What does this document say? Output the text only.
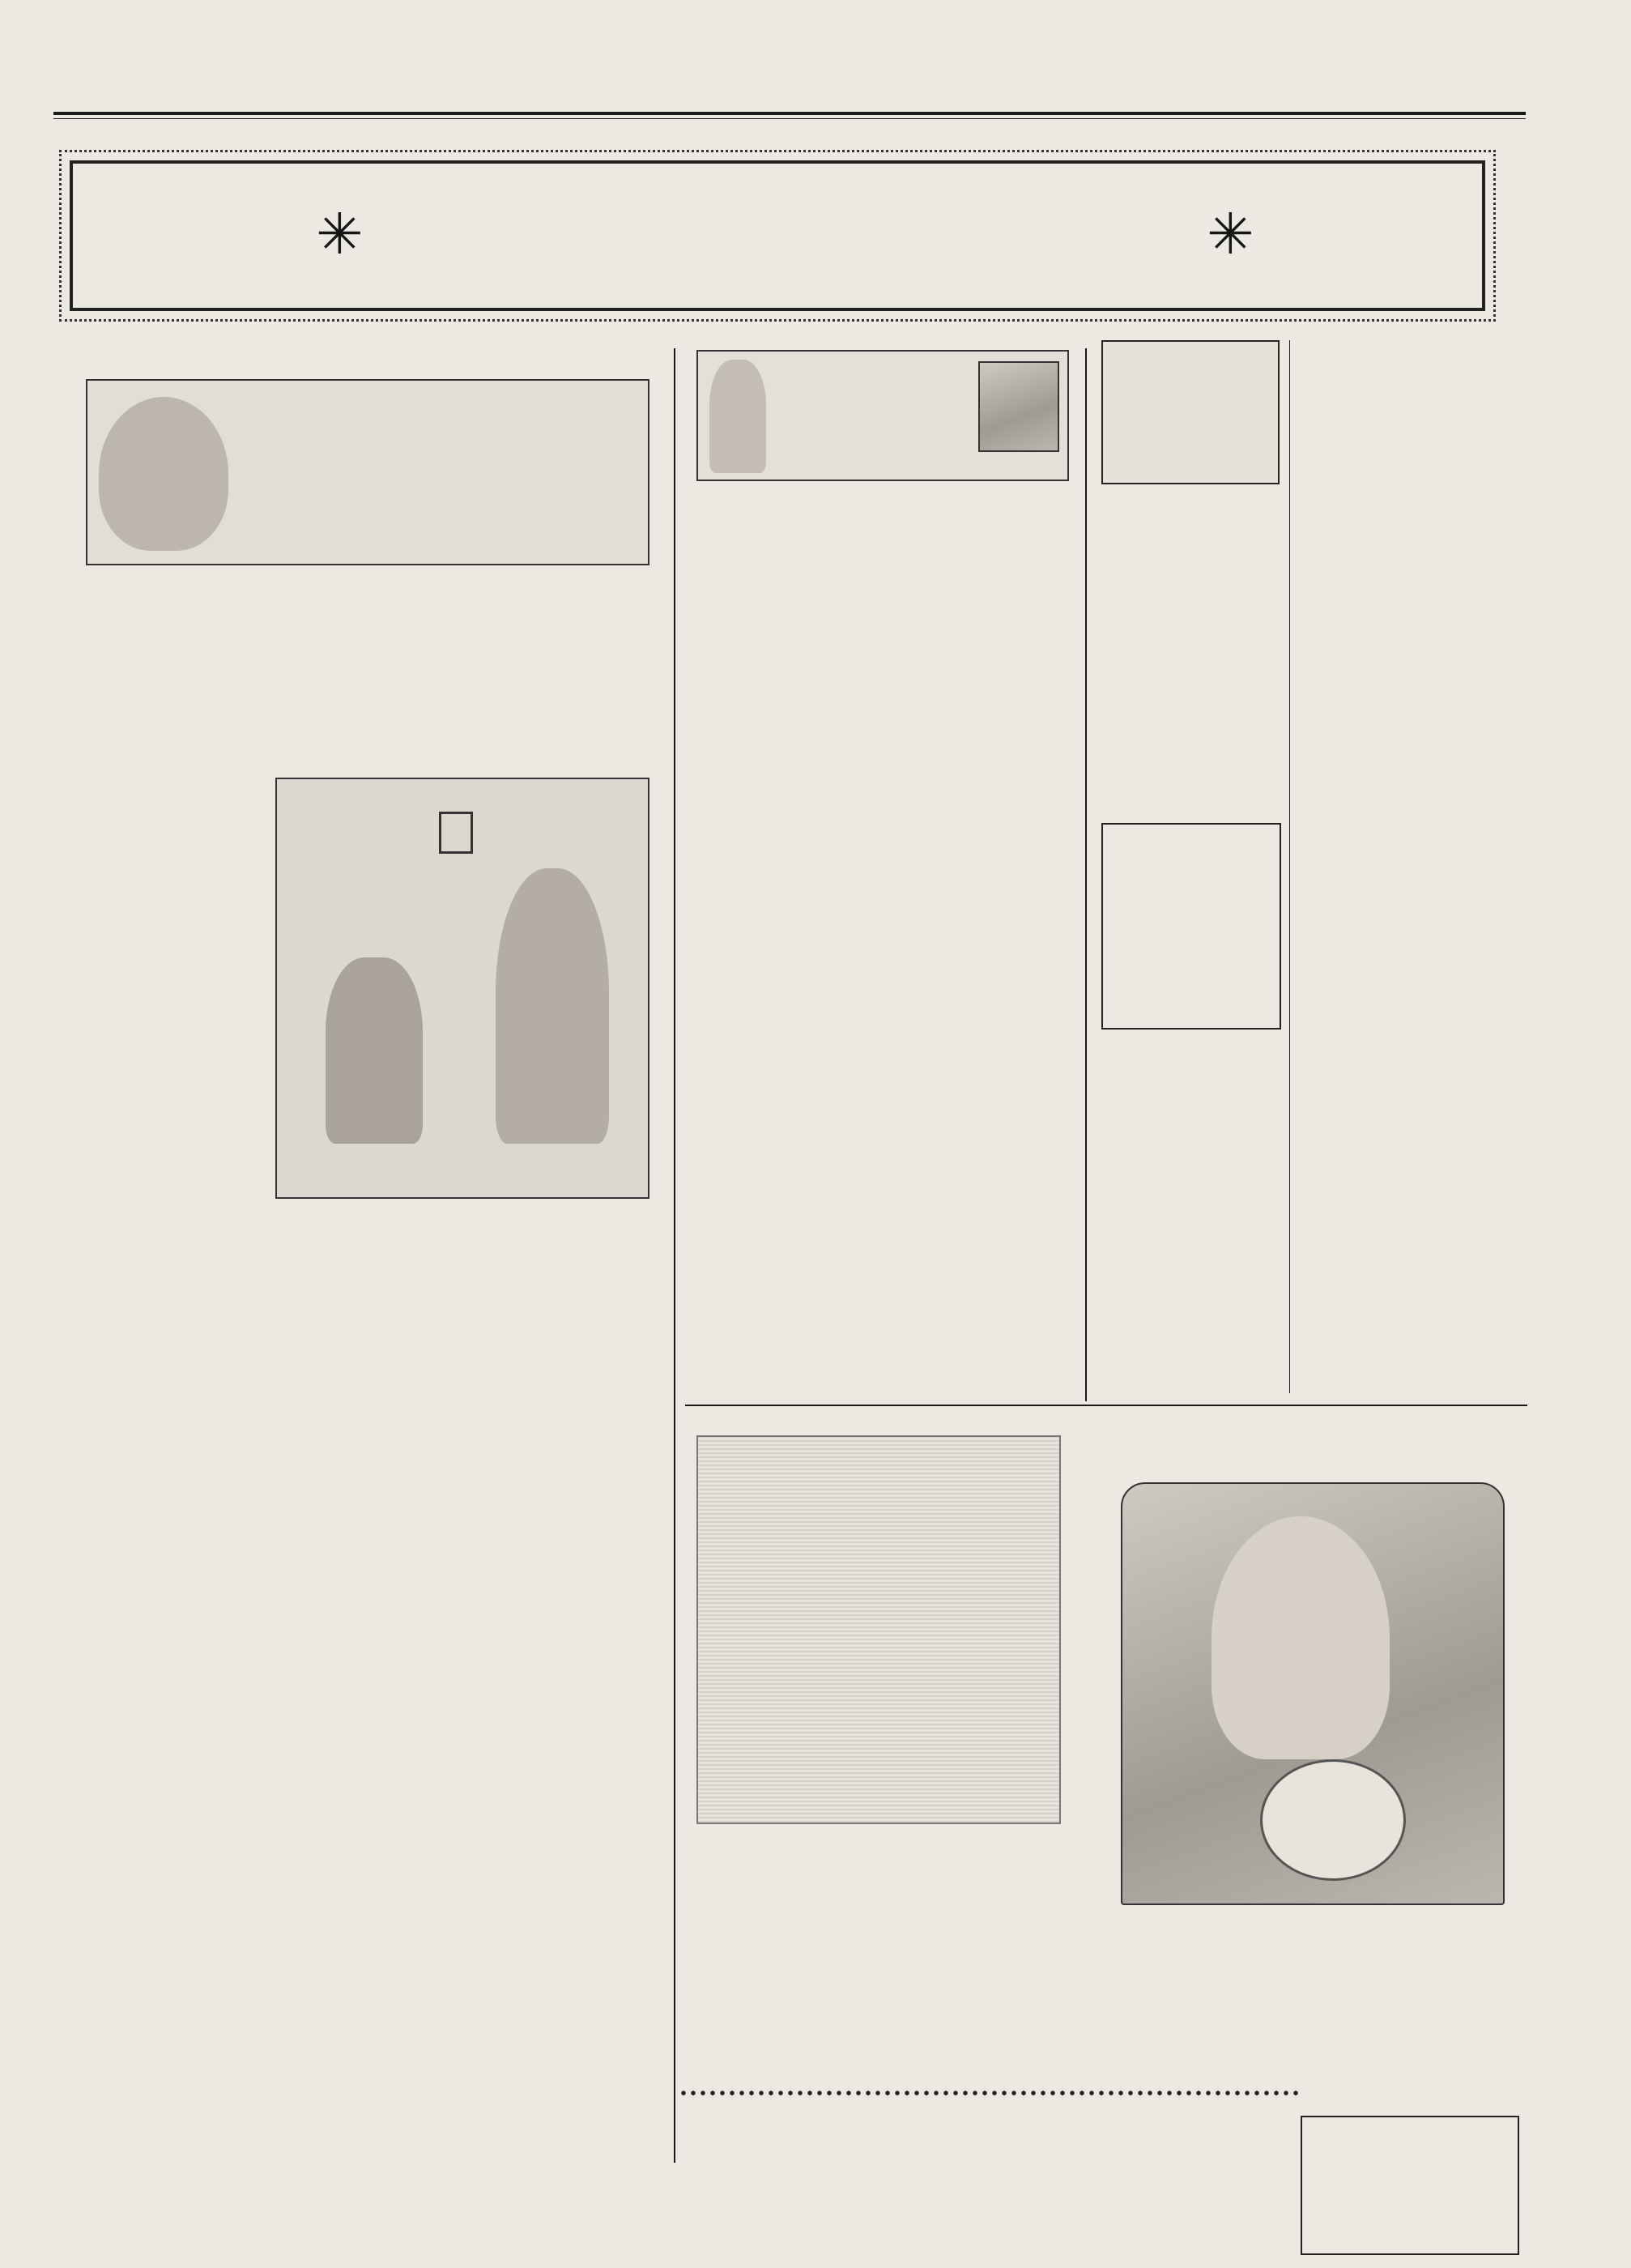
✳	✳
